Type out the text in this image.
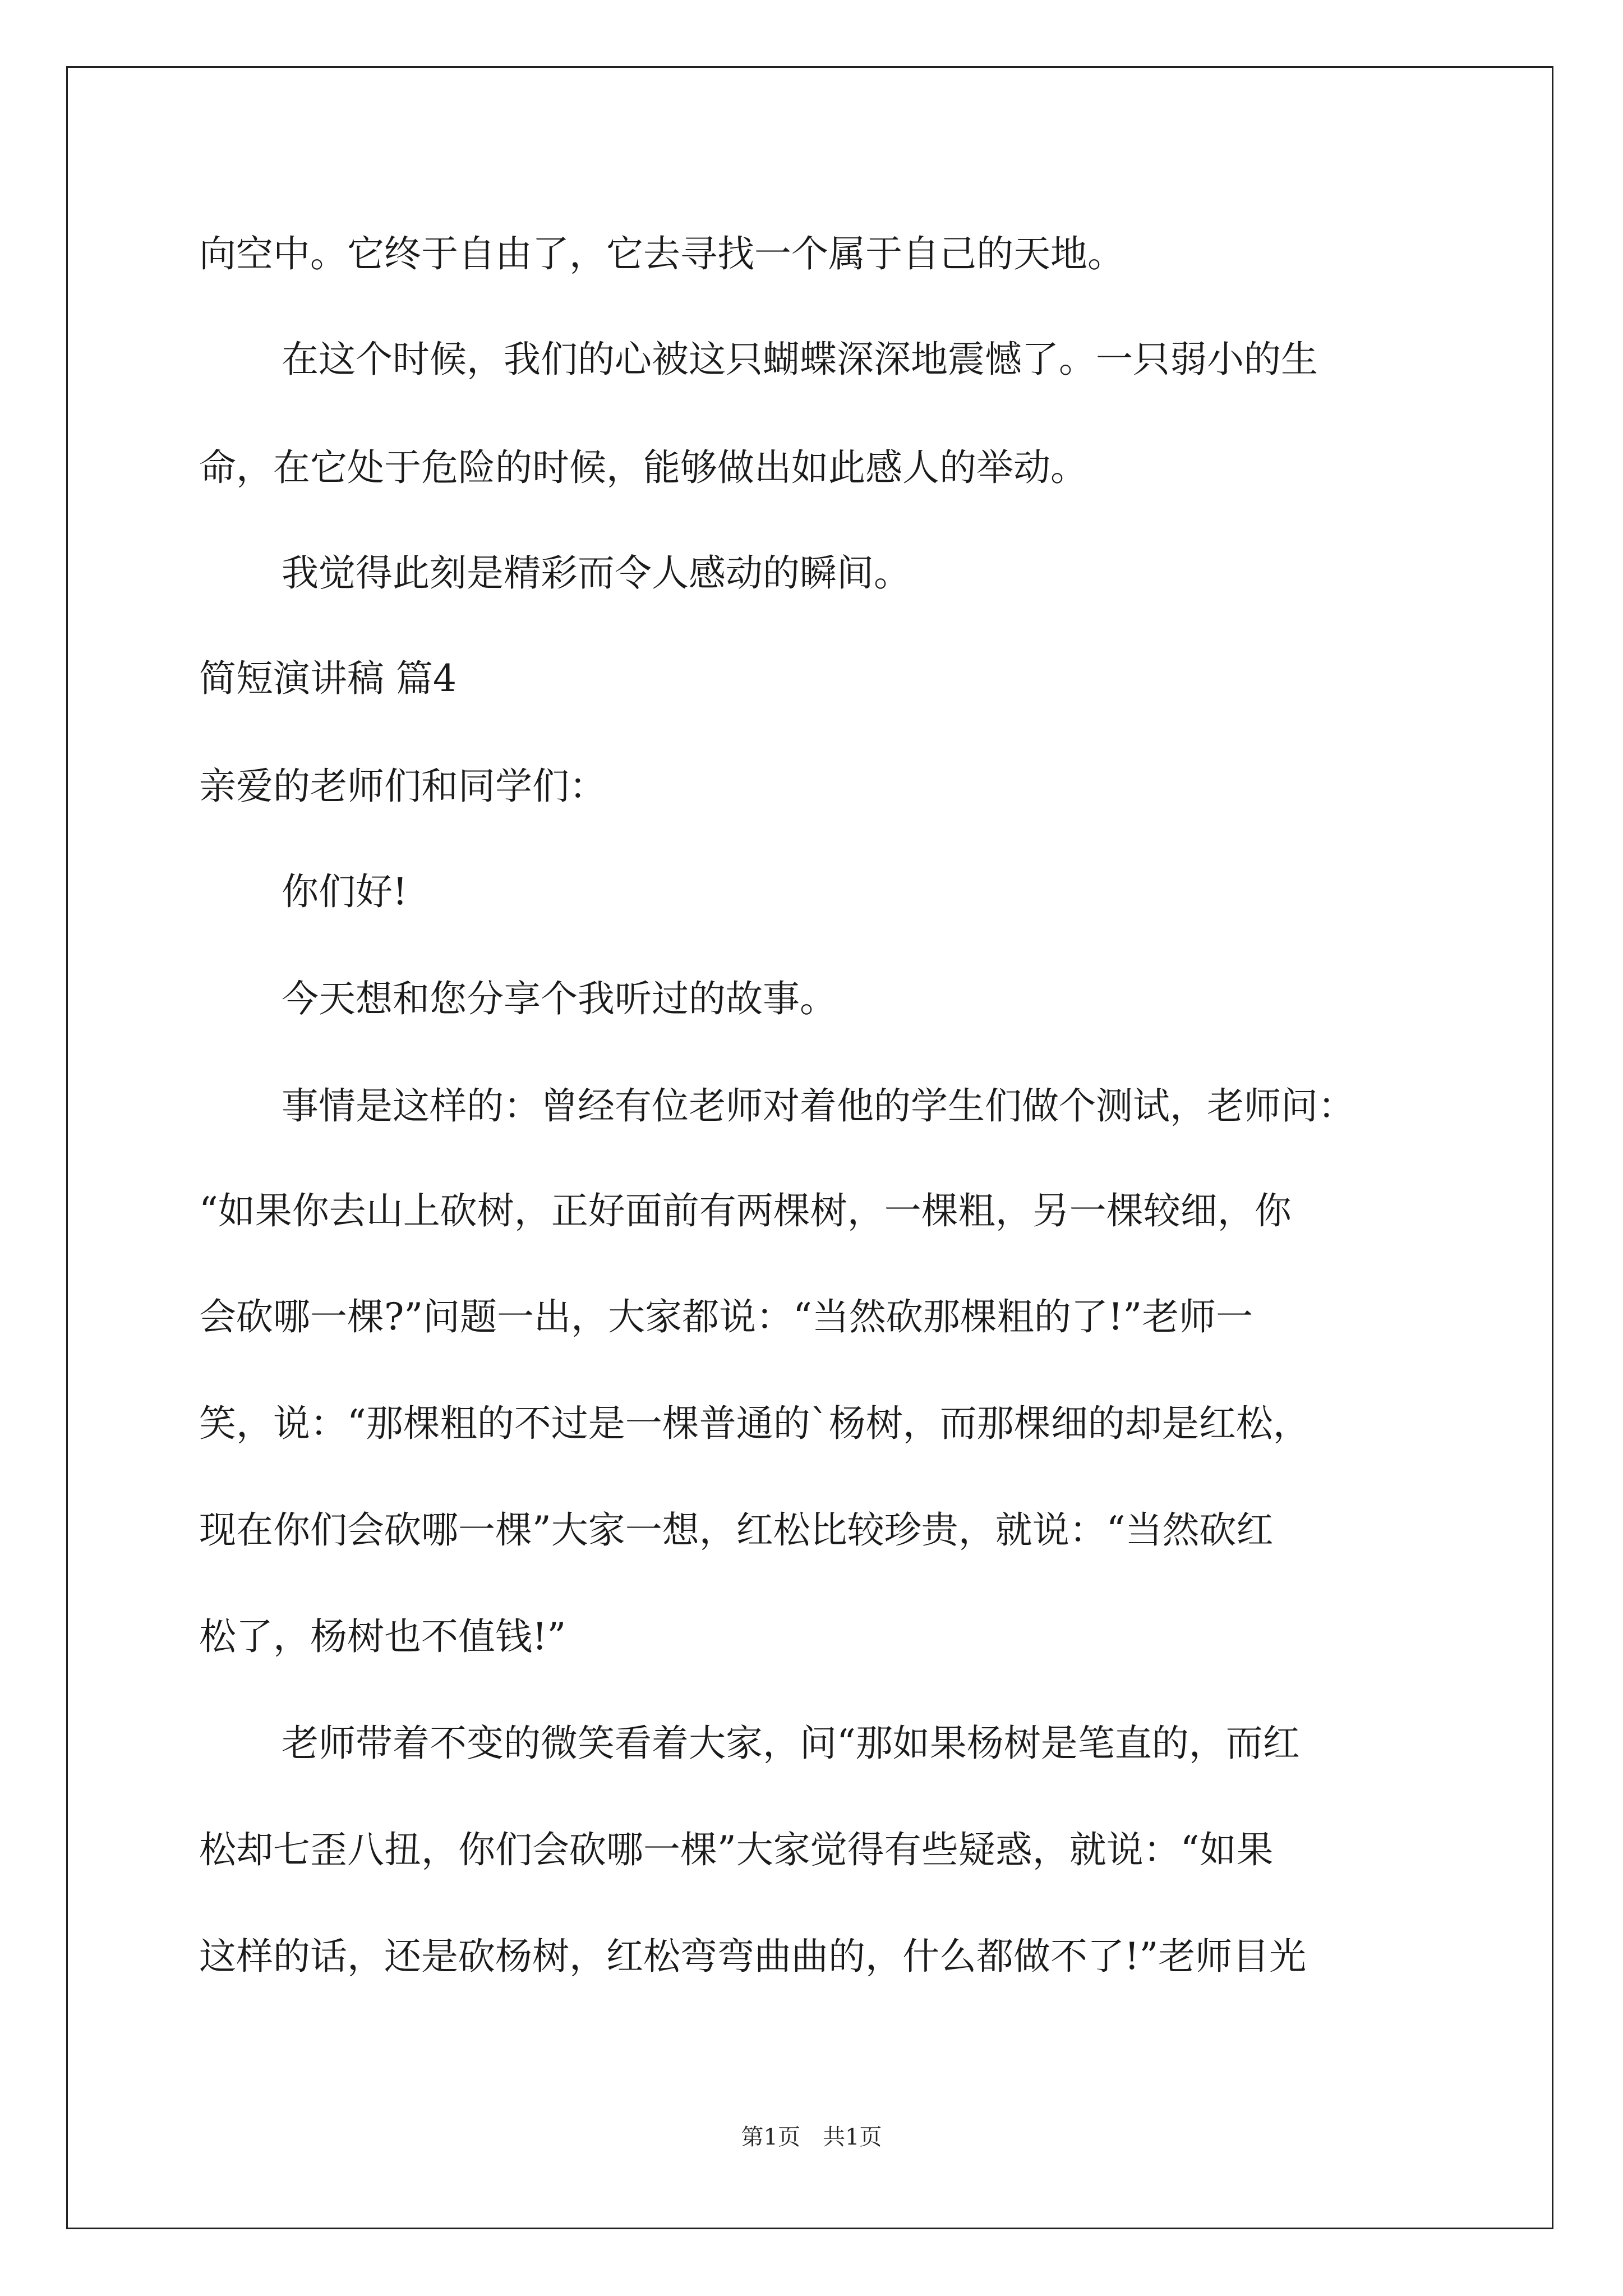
向空中。它终于自由了，它去寻找一个属于自己的天地。
在这个时候，我们的心被这只蝴蝶深深地震憾了。一只弱小的生
命，在它处于危险的时候，能够做出如此感人的举动。
我觉得此刻是精彩而令人感动的瞬间。
简短演讲稿 篇4
亲爱的老师们和同学们：
你们好!
今天想和您分享个我听过的故事。
事情是这样的：曾经有位老师对着他的学生们做个测试，老师问：
“如果你去山上砍树，正好面前有两棵树，一棵粗，另一棵较细，你
会砍哪一棵?”问题一出，大家都说：“当然砍那棵粗的了!”老师一
笑，说：“那棵粗的不过是一棵普通的`杨树，而那棵细的却是红松，
现在你们会砍哪一棵”大家一想，红松比较珍贵，就说：“当然砍红
松了，杨树也不值钱!”
老师带着不变的微笑看着大家，问“那如果杨树是笔直的，而红
松却七歪八扭，你们会砍哪一棵”大家觉得有些疑惑，就说：“如果
这样的话，还是砍杨树，红松弯弯曲曲的，什么都做不了!”老师目光
第1页　共1页
